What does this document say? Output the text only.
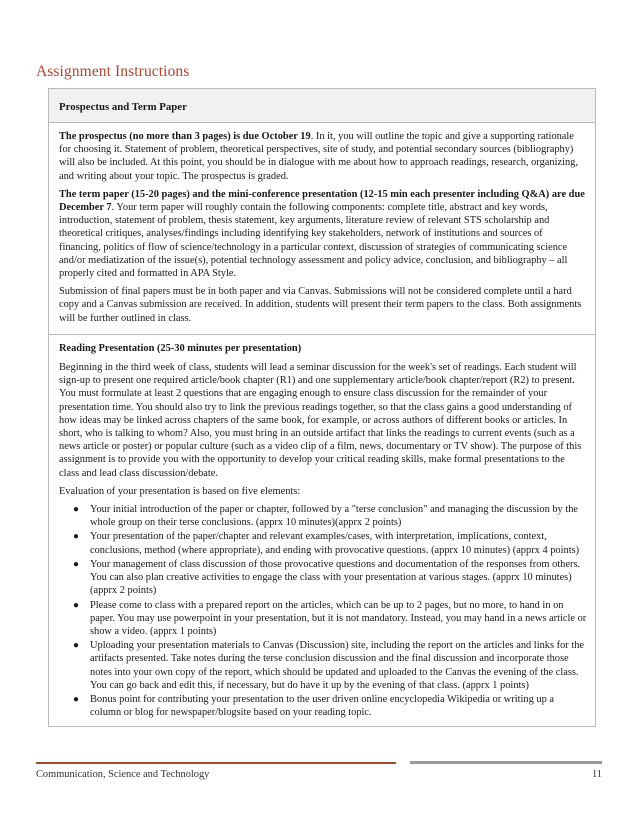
Assignment Instructions
Prospectus and Term Paper

The prospectus (no more than 3 pages) is due October 19. In it, you will outline the topic and give a supporting rationale for choosing it. Statement of problem, theoretical perspectives, site of study, and potential secondary sources (bibliography) will also be included. At this point, you should be in dialogue with me about how to approach readings, research, organizing, and writing about your topic. The prospectus is graded.

The term paper (15-20 pages) and the mini-conference presentation (12-15 min each presenter including Q&A) are due December 7. Your term paper will roughly contain the following components: complete title, abstract and key words, introduction, statement of problem, thesis statement, key arguments, literature review of relevant STS scholarship and theoretical critiques, analyses/findings including identifying key stakeholders, network of institutions and sources of financing, politics of flow of science/technology in a particular context, discussion of strategies of communicating science and/or mediatization of the issue(s), potential technology assessment and policy advice, conclusion, and bibliography – all properly cited and formatted in APA Style.

Submission of final papers must be in both paper and via Canvas. Submissions will not be considered complete until a hard copy and a Canvas submission are received. In addition, students will present their term papers to the class. Both assignments will be further outlined in class.

Reading Presentation (25-30 minutes per presentation)

Beginning in the third week of class, students will lead a seminar discussion for the week's set of readings. Each student will sign-up to present one required article/book chapter (R1) and one supplementary article/book chapter/report (R2) to present. You must formulate at least 2 questions that are engaging enough to ensure class discussion for the remainder of your presentation time. You should also try to link the previous readings together, so that the class gains a good understanding of how ideas may be linked across chapters of the same book, for example, or across authors of different books or articles. In short, who is talking to whom? Also, you must bring in an outside artifact that links the readings to current events (such as a news article or poster) or popular culture (such as a video clip of a film, news, documentary or TV show). The purpose of this assignment is to provide you with the opportunity to develop your critical reading skills, make formal presentations to the class and lead class discussion/debate.

Evaluation of your presentation is based on five elements:

● Your initial introduction of the paper or chapter, followed by a "terse conclusion" and managing the discussion by the whole group on their terse conclusions. (apprx 10 minutes)(apprx 2 points)
● Your presentation of the paper/chapter and relevant examples/cases, with interpretation, implications, context, conclusions, method (where appropriate), and ending with provocative questions. (apprx 10 minutes) (apprx 4 points)
● Your management of class discussion of those provocative questions and documentation of the responses from others. You can also plan creative activities to engage the class with your presentation at various stages. (apprx 10 minutes) (apprx 2 points)
● Please come to class with a prepared report on the articles, which can be up to 2 pages, but no more, to hand in on paper. You may use powerpoint in your presentation, but it is not mandatory. Instead, you may hand in a news article or show a video. (apprx 1 points)
● Uploading your presentation materials to Canvas (Discussion) site, including the report on the articles and links for the artifacts presented. Take notes during the terse conclusion discussion and the final discussion and incorporate those notes into your own copy of the report, which should be updated and uploaded to the Canvas the evening of the class. You can go back and edit this, if necessary, but do have it up by the evening of that class. (apprx 1 points)
● Bonus point for contributing your presentation to the user driven online encyclopedia Wikipedia or writing up a column or blog for newspaper/blogsite based on your reading topic.
Communication, Science and Technology	11
